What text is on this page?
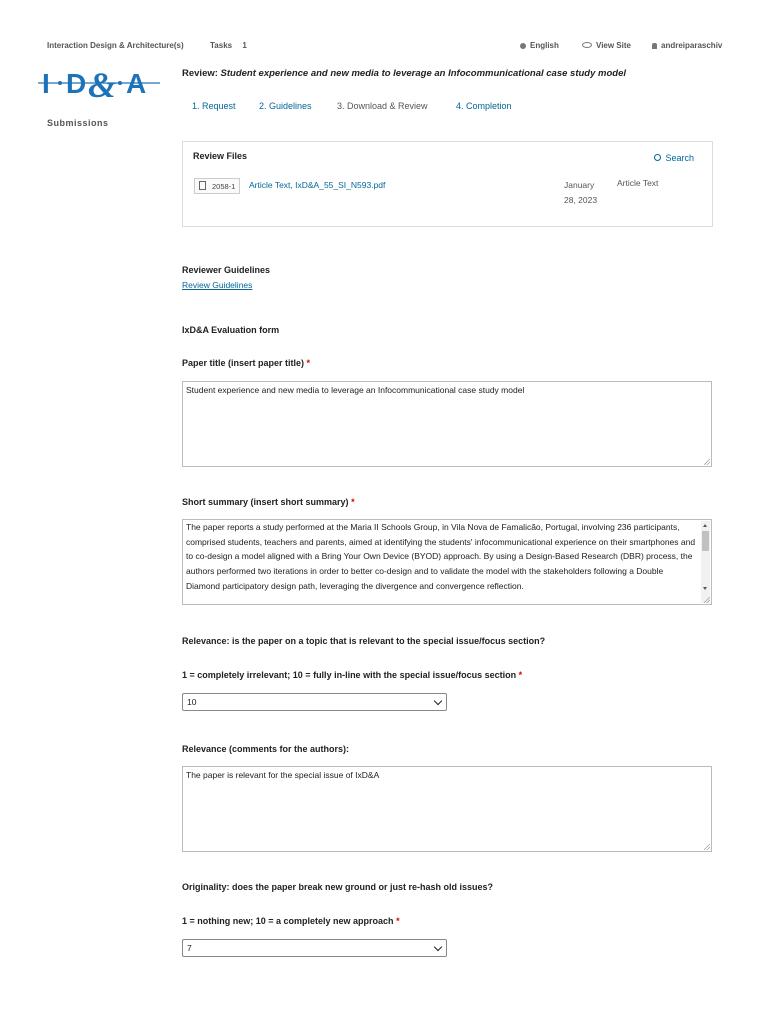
Interaction Design & Architecture(s)	Tasks 1	English	View Site	andreiparaschiv
I D & A
Submissions
Review: Student experience and new media to leverage an Infocommunicational case study model
1. Request	2. Guidelines	3. Download & Review	4. Completion
Review Files	Search
2058-1	Article Text, IxD&A_55_SI_N593.pdf	January 28, 2023
Article Text
Reviewer Guidelines
Review Guidelines
IxD&A Evaluation form
Paper title (insert paper title) *
Student experience and new media to leverage an Infocommunicational case study model
Short summary (insert short summary) *
The paper reports a study performed at the Maria II Schools Group, in Vila Nova de Famalicão, Portugal, involving 236 participants, comprised students, teachers and parents, aimed at identifying the students' infocommunicational experience on their smartphones and to co-design a model aligned with a Bring Your Own Device (BYOD) approach. By using a Design-Based Research (DBR) process, the authors performed two iterations in order to better co-design and to validate the model with the stakeholders following a Double Diamond participatory design path, leveraging the divergence and convergence reflection.
Relevance: is the paper on a topic that is relevant to the special issue/focus section?
1 = completely irrelevant; 10 = fully in-line with the special issue/focus section *
10
Relevance (comments for the authors):
The paper is relevant for the special issue of IxD&A
Originality: does the paper break new ground or just re-hash old issues?
1 = nothing new; 10 = a completely new approach *
7
